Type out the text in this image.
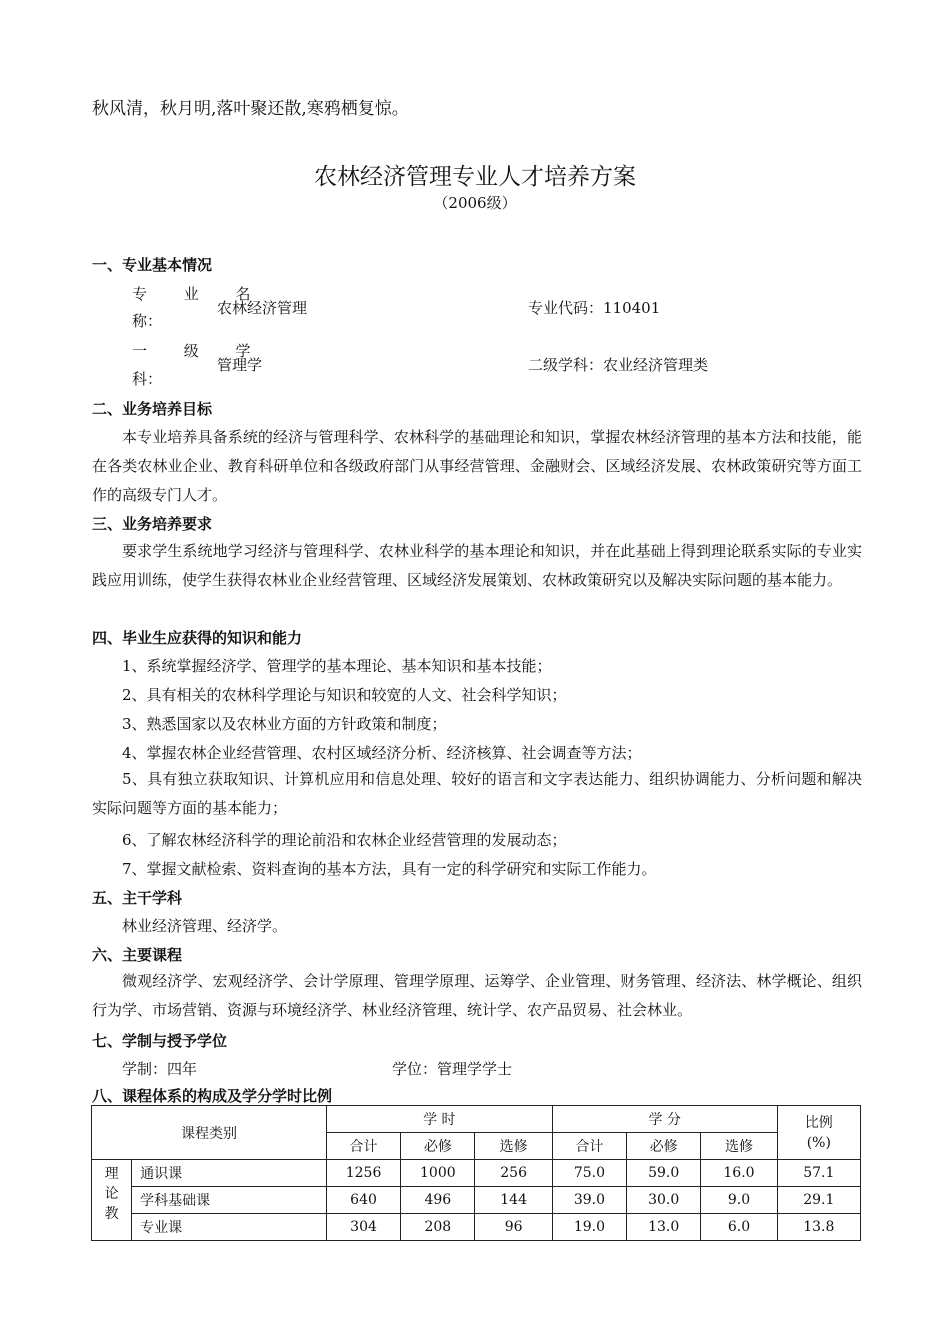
秋风清，秋月明,落叶聚还散,寒鸦栖复惊。
农林经济管理专业人才培养方案
（2006级）
一、专业基本情况
专 业 名
称：
农林经济管理	专业代码：110401
一 级 学
科：
管理学	二级学科：农业经济管理类
二、业务培养目标
本专业培养具备系统的经济与管理科学、农林科学的基础理论和知识，掌握农林经济管理的基本方法和技能，能在各类农林业企业、教育科研单位和各级政府部门从事经营管理、金融财会、区域经济发展、农林政策研究等方面工作的高级专门人才。
三、业务培养要求
要求学生系统地学习经济与管理科学、农林业科学的基本理论和知识，并在此基础上得到理论联系实际的专业实践应用训练，使学生获得农林业企业经营管理、区域经济发展策划、农林政策研究以及解决实际问题的基本能力。
四、毕业生应获得的知识和能力
1、系统掌握经济学、管理学的基本理论、基本知识和基本技能；
2、具有相关的农林科学理论与知识和较宽的人文、社会科学知识；
3、熟悉国家以及农林业方面的方针政策和制度；
4、掌握农林企业经营管理、农村区域经济分析、经济核算、社会调查等方法；
5、具有独立获取知识、计算机应用和信息处理、较好的语言和文字表达能力、组织协调能力、分析问题和解决实际问题等方面的基本能力；
6、了解农林经济科学的理论前沿和农林企业经营管理的发展动态；
7、掌握文献检索、资料查询的基本方法，具有一定的科学研究和实际工作能力。
五、主干学科
林业经济管理、经济学。
六、主要课程
微观经济学、宏观经济学、会计学原理、管理学原理、运筹学、企业管理、财务管理、经济法、林学概论、组织行为学、市场营销、资源与环境经济学、林业经济管理、统计学、农产品贸易、社会林业。
七、学制与授予学位
学制：四年	学位：管理学学士
八、课程体系的构成及学分学时比例
课程类别		学 时			学 分			比例
(%)

		合计	必修	选修	合计	必修	选修	

理论教	通识课	1256	1000	256	75.0	59.0	16.0	57.1
	学科基础课	640	496	144	39.0	30.0	9.0	29.1
	专业课	304	208	96	19.0	13.0	6.0	13.8
